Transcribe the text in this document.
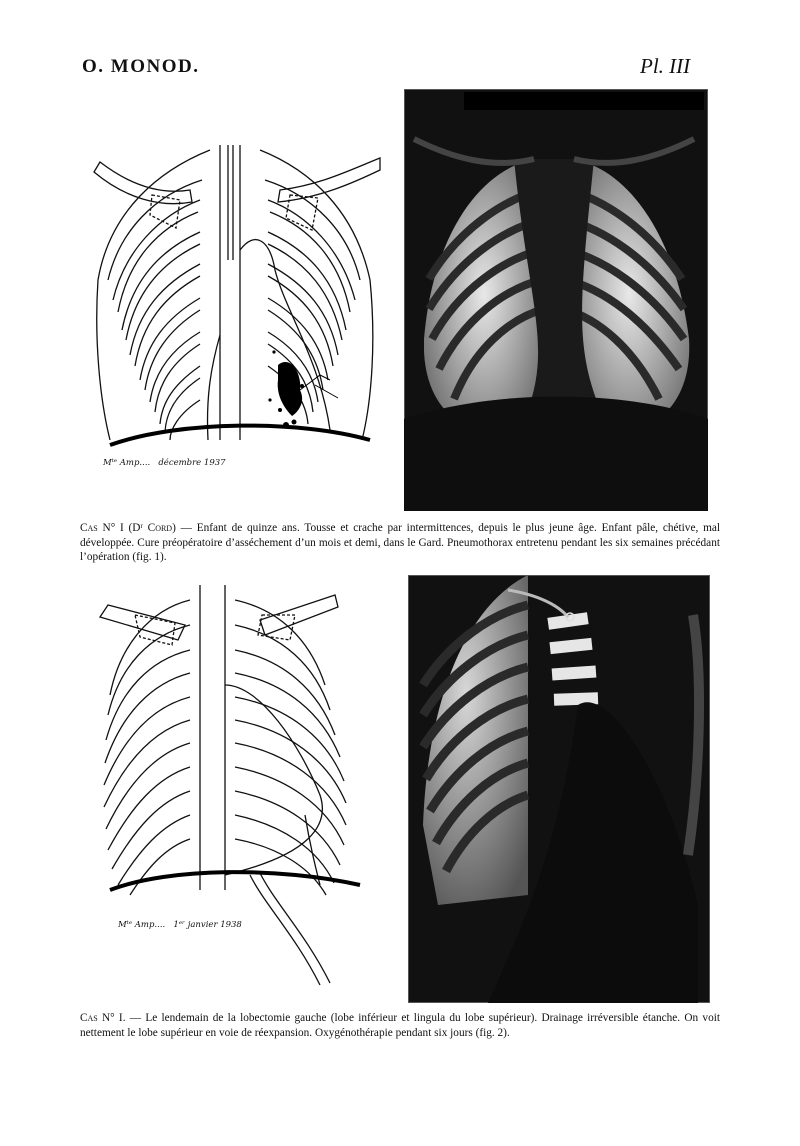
O. MONOD.	Pl. III
Mᵗᵉ Amp.... décembre 1937
Cas N° I (Dʳ Cord) — Enfant de quinze ans. Tousse et crache par intermittences, depuis le plus jeune âge. Enfant pâle, chétive, mal développée. Cure préopératoire d’asséchement d’un mois et demi, dans le Gard. Pneumothorax entretenu pendant les six semaines précédant l’opération (fig. 1).
Mᵗᵉ Amp.... 1ᵉʳ janvier 1938
Cas N° I. — Le lendemain de la lobectomie gauche (lobe inférieur et lingula du lobe supérieur). Drainage irréversible étanche. On voit nettement le lobe supérieur en voie de réexpansion. Oxygénothérapie pendant six jours (fig. 2).
